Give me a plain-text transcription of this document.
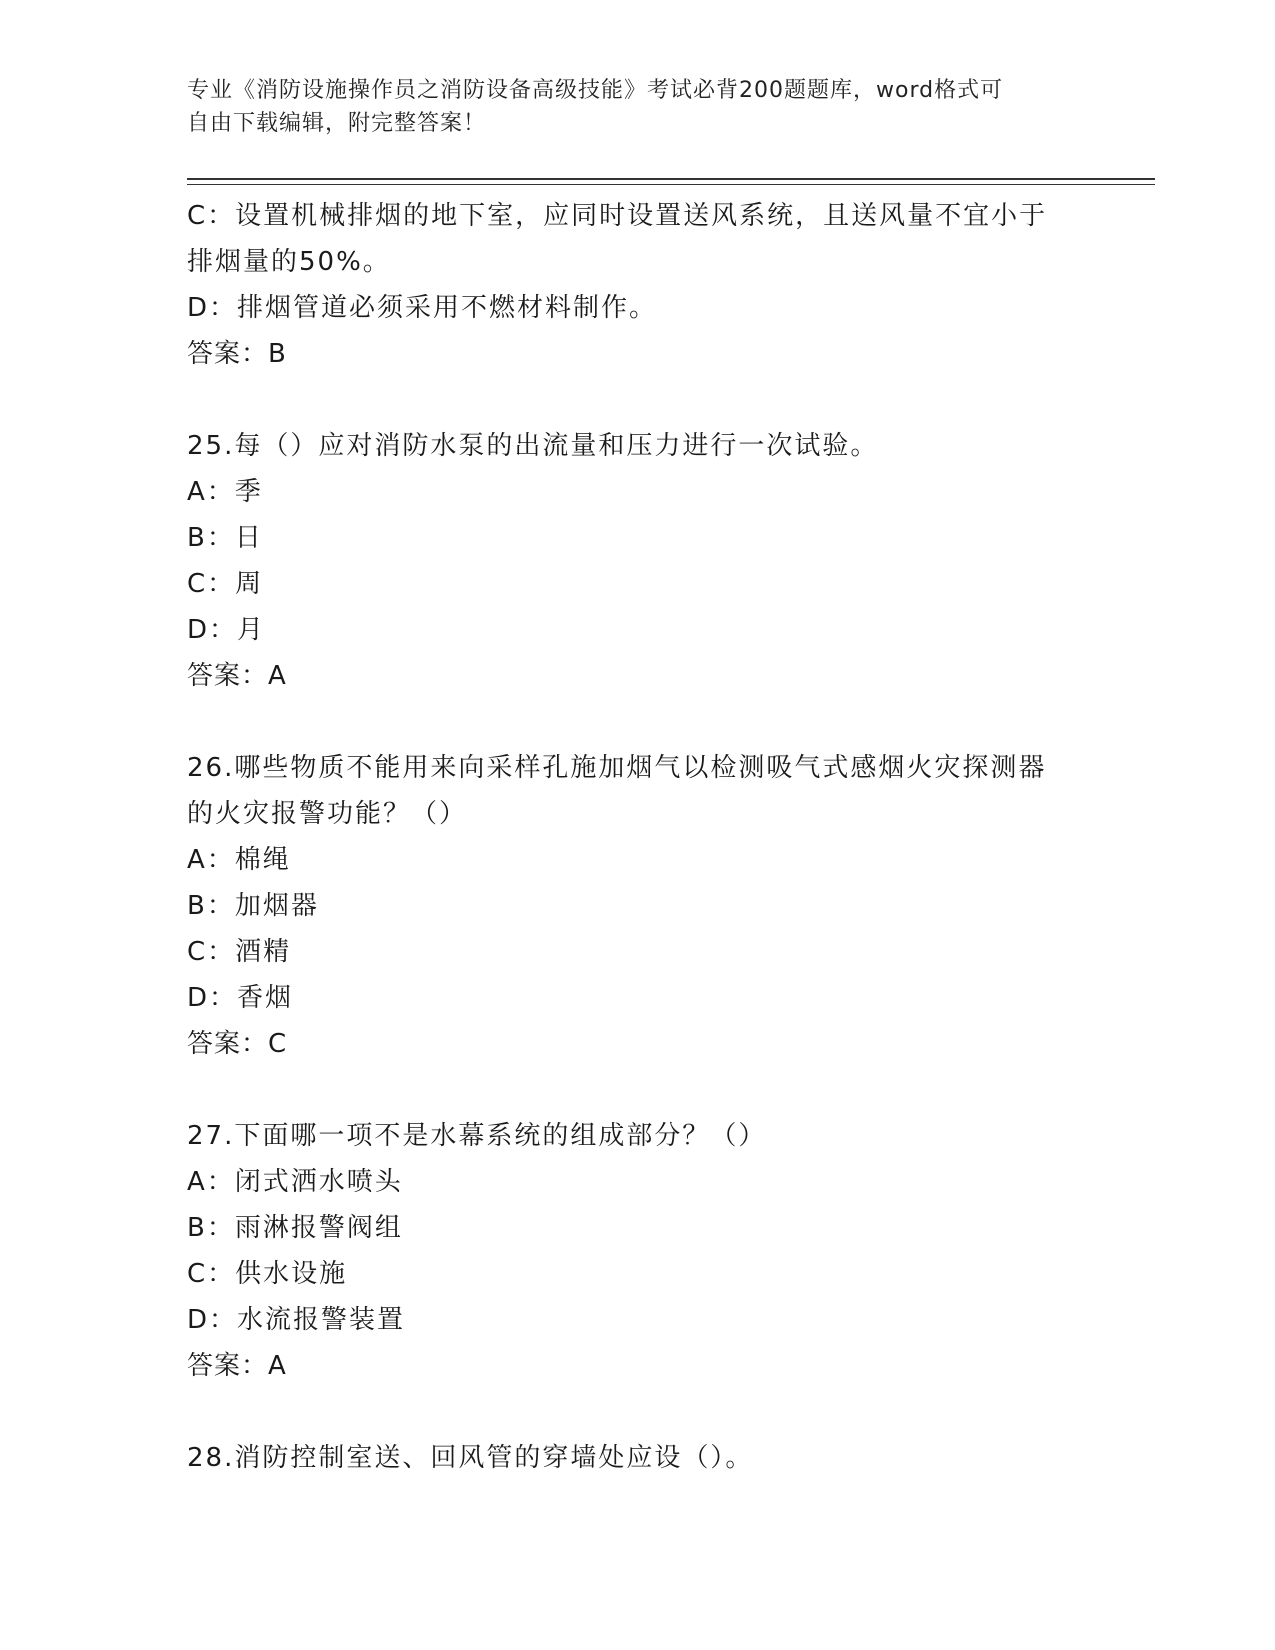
专业《消防设施操作员之消防设备高级技能》考试必背200题题库，word格式可
自由下载编辑，附完整答案！
C：设置机械排烟的地下室，应同时设置送风系统，且送风量不宜小于
排烟量的50%。
D：排烟管道必须采用不燃材料制作。
答案：B
25.每（）应对消防水泵的出流量和压力进行一次试验。
A：季
B：日
C：周
D：月
答案：A
26.哪些物质不能用来向采样孔施加烟气以检测吸气式感烟火灾探测器
的火灾报警功能？（）
A：棉绳
B：加烟器
C：酒精
D：香烟
答案：C
27.下面哪一项不是水幕系统的组成部分？（）
A：闭式洒水喷头
B：雨淋报警阀组
C：供水设施
D：水流报警装置
答案：A
28.消防控制室送、回风管的穿墙处应设（）。
